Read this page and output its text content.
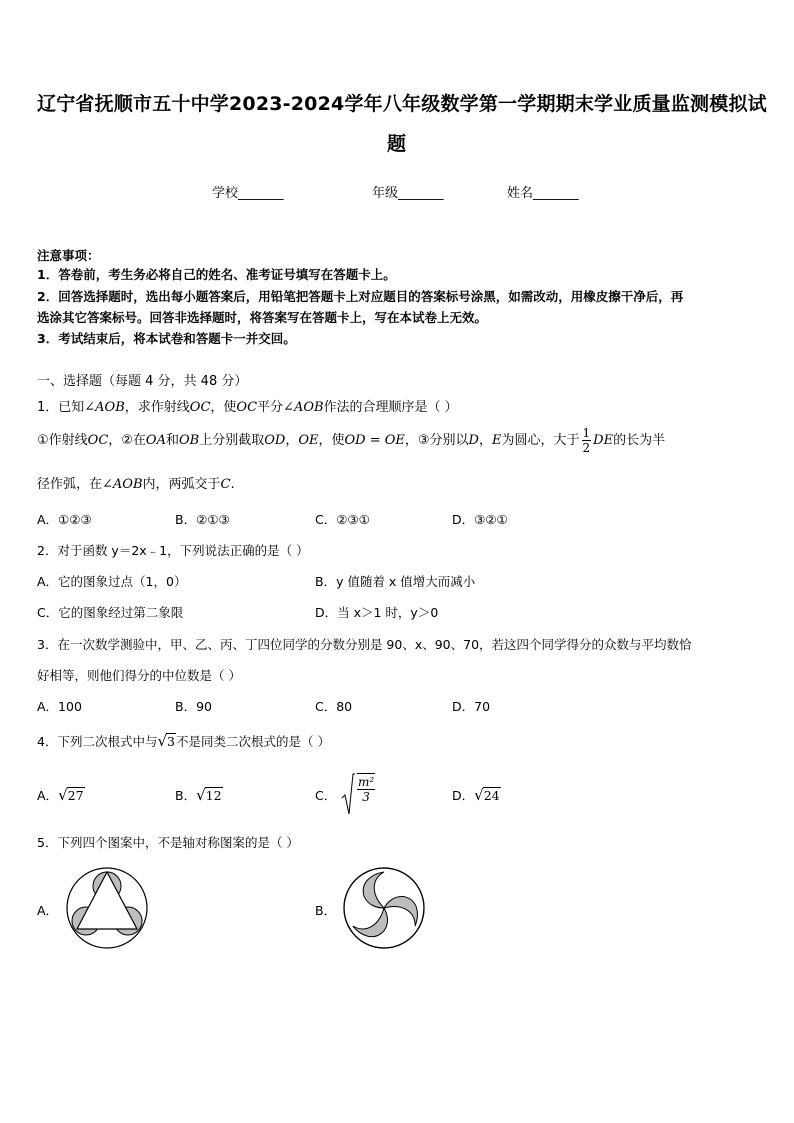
辽宁省抚顺市五十中学2023-2024学年八年级数学第一学期期末学业质量监测模拟试
题
学校_______	年级_______	姓名_______
注意事项：
1．答卷前，考生务必将自己的姓名、准考证号填写在答题卡上。
2．回答选择题时，选出每小题答案后，用铅笔把答题卡上对应题目的答案标号涂黑，如需改动，用橡皮擦干净后，再
选涂其它答案标号。回答非选择题时，将答案写在答题卡上，写在本试卷上无效。
3．考试结束后，将本试卷和答题卡一并交回。
一、选择题（每题 4 分，共 48 分）
1．已知∠AOB，求作射线OC，使OC平分∠AOB作法的合理顺序是（ ）
①作射线OC，②在OA和OB上分别截取OD，OE，使OD = OE，③分别以D，E为圆心，大于 $\frac{1}{2}$ DE的长为半
径作弧，在∠AOB内，两弧交于C.
A．①②③	B．②①③	C．②③①	D．③②①
2．对于函数 y＝2x﹣1，下列说法正确的是（ ）
A．它的图象过点（1，0）	B．y 值随着 x 值增大而减小
C．它的图象经过第二象限	D．当 x＞1 时，y＞0
3．在一次数学测验中，甲、乙、丙、丁四位同学的分数分别是 90、x、90、70，若这四个同学得分的众数与平均数恰
好相等，则他们得分的中位数是（ ）
A．100	B．90	C．80	D．70
4．下列二次根式中与√3不是同类二次根式的是（ ）
A．√27	B．√12	C． $\frac{\text{m²}}{3}$	D．√24
5．下列四个图案中，不是轴对称图案的是（ ）
A．	B．
